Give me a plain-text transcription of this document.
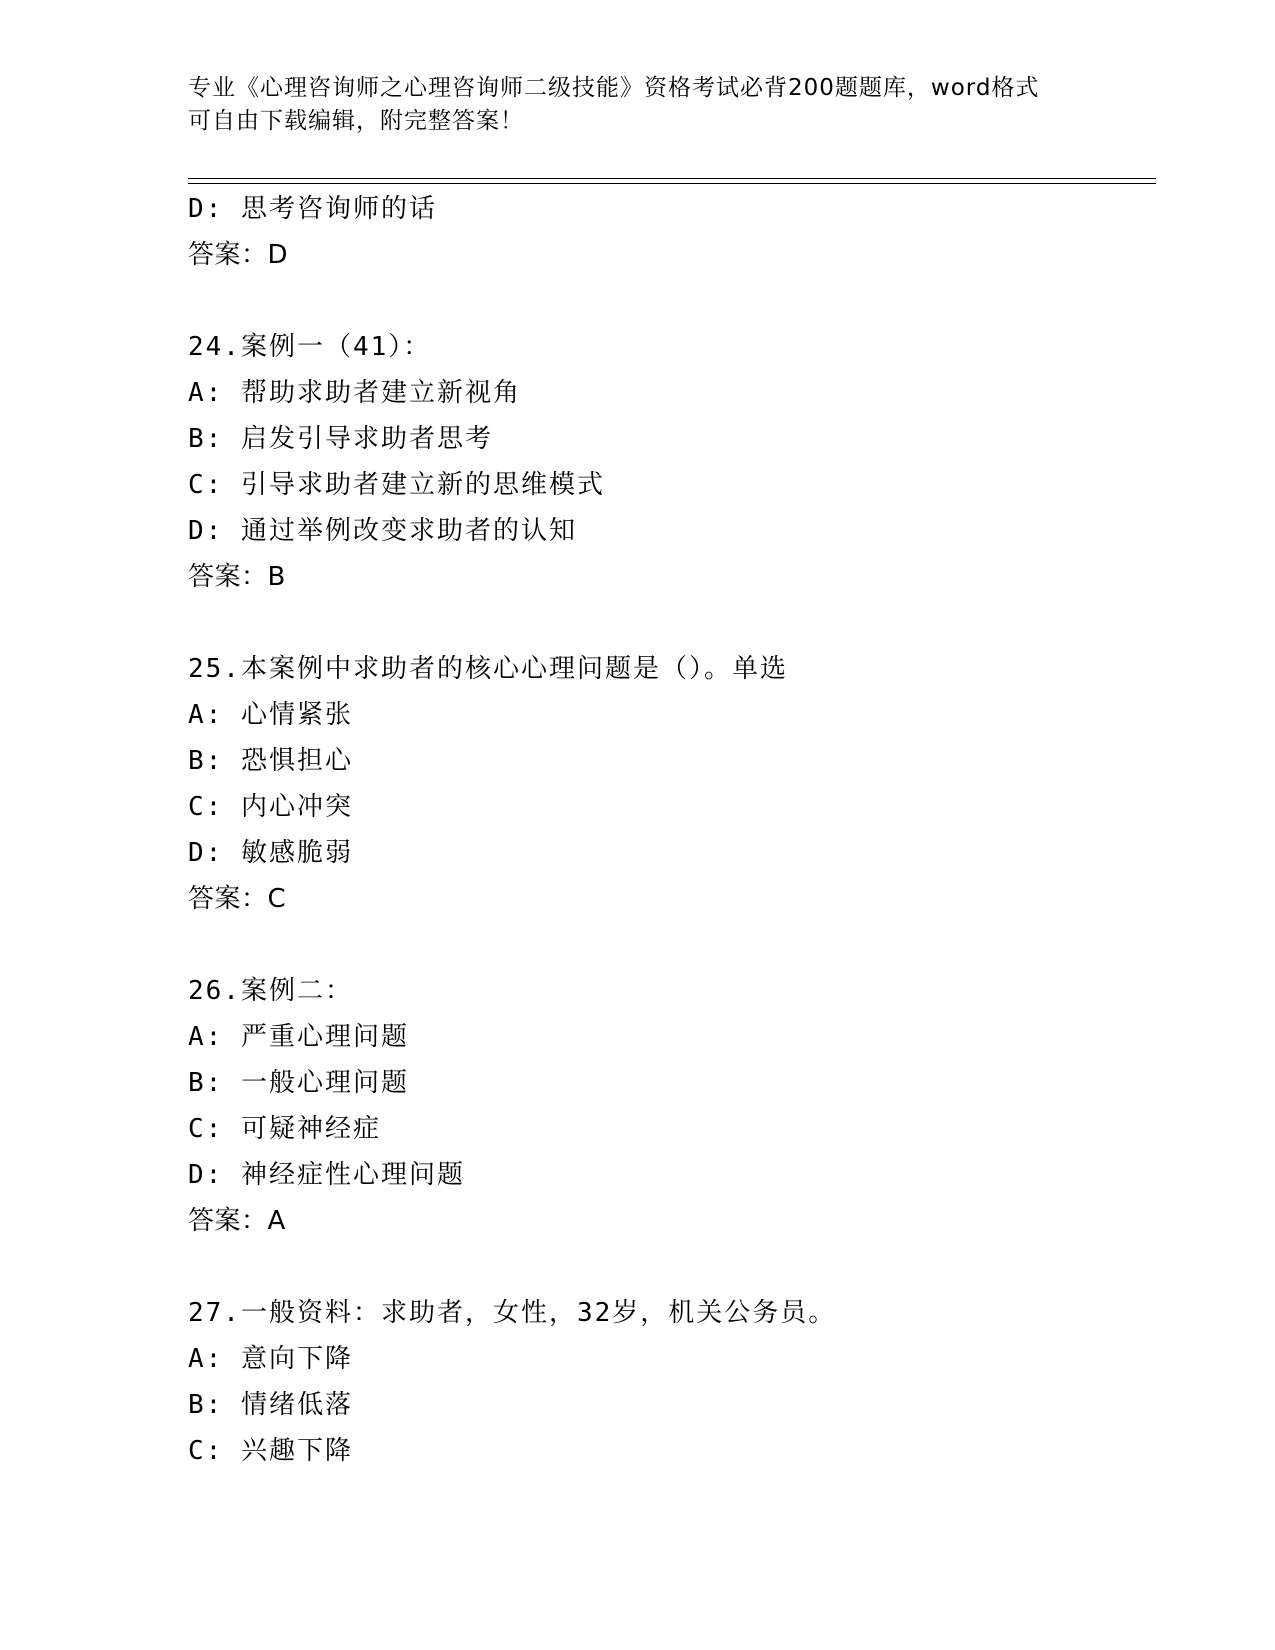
专业《心理咨询师之心理咨询师二级技能》资格考试必背200题题库，word格式
可自由下载编辑，附完整答案！
D: 思考咨询师的话
答案：D
24.案例一（41）：
A: 帮助求助者建立新视角
B: 启发引导求助者思考
C: 引导求助者建立新的思维模式
D: 通过举例改变求助者的认知
答案：B
25.本案例中求助者的核心心理问题是（）。单选
A: 心情紧张
B: 恐惧担心
C: 内心冲突
D: 敏感脆弱
答案：C
26.案例二：
A: 严重心理问题
B: 一般心理问题
C: 可疑神经症
D: 神经症性心理问题
答案：A
27.一般资料：求助者，女性，32岁，机关公务员。
A: 意向下降
B: 情绪低落
C: 兴趣下降
